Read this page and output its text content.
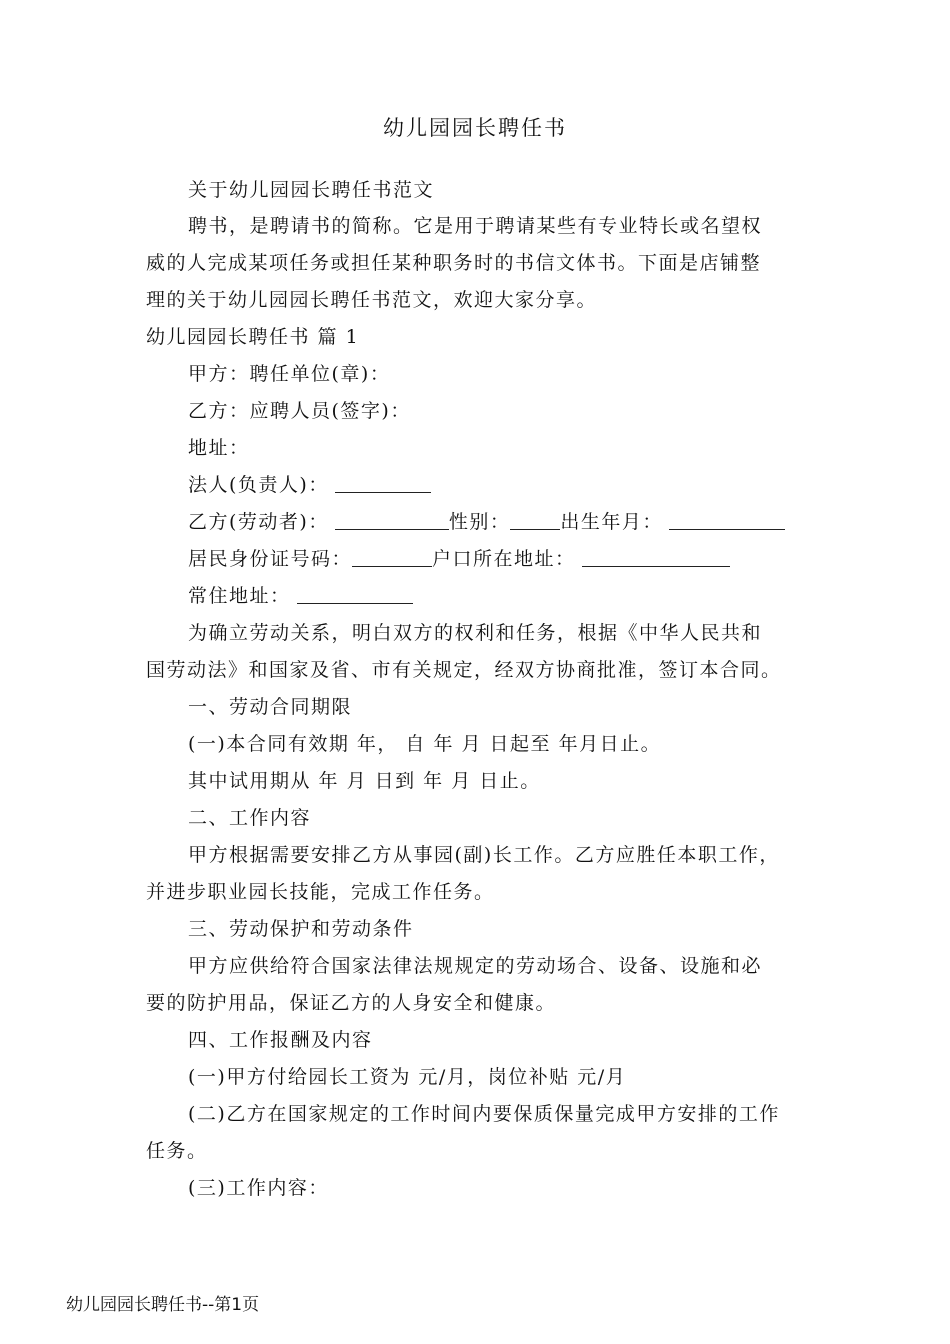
幼儿园园长聘任书
关于幼儿园园长聘任书范文
聘书，是聘请书的简称。它是用于聘请某些有专业特长或名望权
威的人完成某项任务或担任某种职务时的书信文体书。下面是店铺整
理的关于幼儿园园长聘任书范文，欢迎大家分享。
幼儿园园长聘任书 篇 1
甲方：聘任单位(章)：
乙方：应聘人员(签字)：
地址：
法人(负责人)：
乙方(劳动者)：	性别：	出生年月：
居民身份证号码：	户口所在地址：
常住地址：
为确立劳动关系，明白双方的权利和任务，根据《中华人民共和
国劳动法》和国家及省、市有关规定，经双方协商批准，签订本合同。
一、劳动合同期限
(一)本合同有效期 年， 自 年 月 日起至 年月日止。
其中试用期从 年 月 日到 年 月 日止。
二、工作内容
甲方根据需要安排乙方从事园(副)长工作。乙方应胜任本职工作，
并进步职业园长技能，完成工作任务。
三、劳动保护和劳动条件
甲方应供给符合国家法律法规规定的劳动场合、设备、设施和必
要的防护用品，保证乙方的人身安全和健康。
四、工作报酬及内容
(一)甲方付给园长工资为 元/月，岗位补贴 元/月
(二)乙方在国家规定的工作时间内要保质保量完成甲方安排的工作
任务。
(三)工作内容：
幼儿园园长聘任书--第1页
